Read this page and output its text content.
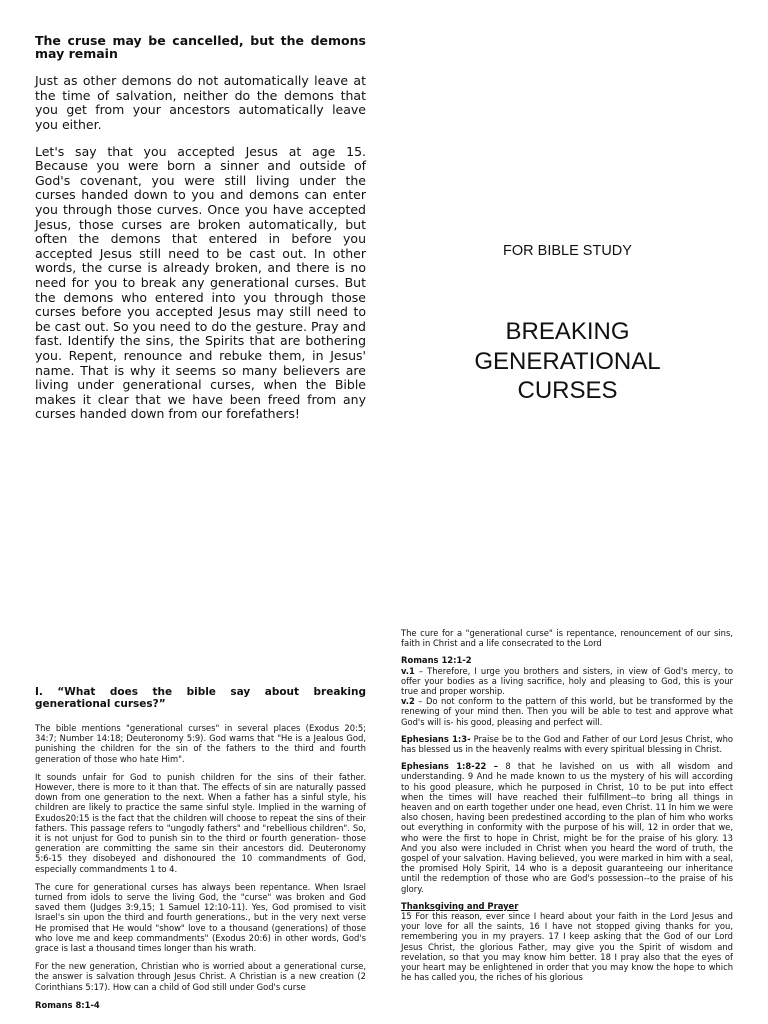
The cruse may be cancelled, but the demons may remain

Just as other demons do not automatically leave at the time of salvation, neither do the demons that you get from your ancestors automatically leave you either.

Let's say that you accepted Jesus at age 15. Because you were born a sinner and outside of God's covenant, you were still living under the curses handed down to you and demons can enter you through those curves. Once you have accepted Jesus, those curses are broken automatically, but often the demons that entered in before you accepted Jesus still need to be cast out. In other words, the curse is already broken, and there is no need for you to break any generational curses. But the demons who entered into you through those curses before you accepted Jesus may still need to be cast out. So you need to do the gesture. Pray and fast. Identify the sins, the Spirits that are bothering you. Repent, renounce and rebuke them, in Jesus' name. That is why it seems so many believers are living under generational curses, when the Bible makes it clear that we have been freed from any curses handed down from our forefathers!

FOR BIBLE STUDY
BREAKING
GENERATIONAL
CURSES
I. “What does the bible say about breaking generational curses?”

The bible mentions "generational curses" in several places (Exodus 20:5; 34:7; Number 14:18; Deuteronomy 5:9). God warns that "He is a Jealous God, punishing the children for the sin of the fathers to the third and fourth generation of those who hate Him".

It sounds unfair for God to punish children for the sins of their father. However, there is more to it than that. The effects of sin are naturally passed down from one generation to the next. When a father has a sinful style, his children are likely to practice the same sinful style. Implied in the warning of Exudos20:15 is the fact that the children will choose to repeat the sins of their fathers. This passage refers to "ungodly fathers" and "rebellious children". So, it is not unjust for God to punish sin to the third or fourth generation- those generation are committing the same sin their ancestors did. Deuteronomy 5:6-15 they disobeyed and dishonoured the 10 commandments of God, especially commandments 1 to 4.

The cure for generational curses has always been repentance. When Israel turned from idols to serve the living God, the "curse" was broken and God saved them (Judges 3:9,15; 1 Samuel 12:10-11). Yes, God promised to visit Israel's sin upon the third and fourth generations., but in the very next verse He promised that He would "show" love to a thousand (generations) of those who love me and keep commandments" (Exodus 20:6) in other words, God's grace is last a thousand times longer than his wrath.

For the new generation, Christian who is worried about a generational curse, the answer is salvation through Jesus Christ. A Christian is a new creation (2 Corinthians 5:17). How can a child of God still under God's curse

Romans 8:1-4

The cure for a "generational curse" is repentance, renouncement of our sins, faith in Christ and a life consecrated to the Lord

Romans 12:1-2
v.1 – Therefore, I urge you brothers and sisters, in view of God's mercy, to offer your bodies as a living sacrifice, holy and pleasing to God, this is your true and proper worship.
v.2 – Do not conform to the pattern of this world, but be transformed by the renewing of your mind then. Then you will be able to test and approve what God's will is- his good, pleasing and perfect will.

Ephesians 1:3- Praise be to the God and Father of our Lord Jesus Christ, who has blessed us in the heavenly realms with every spiritual blessing in Christ.

Ephesians 1:8-22 – 8 that he lavished on us with all wisdom and understanding. 9 And he made known to us the mystery of his will according to his good pleasure, which he purposed in Christ, 10 to be put into effect when the times will have reached their fulfillment--to bring all things in heaven and on earth together under one head, even Christ. 11 In him we were also chosen, having been predestined according to the plan of him who works out everything in conformity with the purpose of his will, 12 in order that we, who were the first to hope in Christ, might be for the praise of his glory. 13 And you also were included in Christ when you heard the word of truth, the gospel of your salvation. Having believed, you were marked in him with a seal, the promised Holy Spirit, 14 who is a deposit guaranteeing our inheritance until the redemption of those who are God's possession--to the praise of his glory.

Thanksgiving and Prayer
15 For this reason, ever since I heard about your faith in the Lord Jesus and your love for all the saints, 16 I have not stopped giving thanks for you, remembering you in my prayers. 17 I keep asking that the God of our Lord Jesus Christ, the glorious Father, may give you the Spirit of wisdom and revelation, so that you may know him better. 18 I pray also that the eyes of your heart may be enlightened in order that you may know the hope to which he has called you, the riches of his glorious
